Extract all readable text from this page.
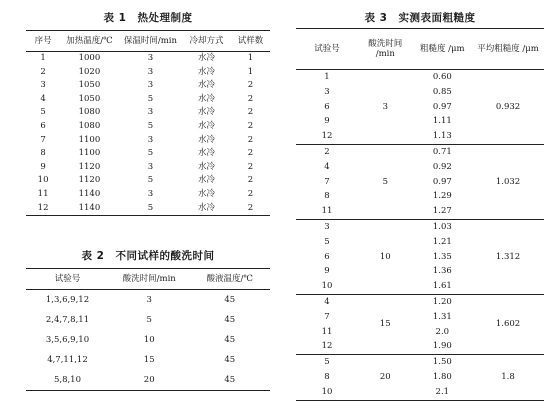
表 1　热处理制度
序号	加热温度/℃	保温时间/min	冷却方式	试样数
1	1000	3	水冷	1
2	1020	3	水冷	1
3	1050	3	水冷	2
4	1050	5	水冷	2
5	1080	3	水冷	2
6	1080	5	水冷	2
7	1100	3	水冷	2
8	1100	5	水冷	2
9	1120	3	水冷	2
10	1120	5	水冷	2
11	1140	3	水冷	2
12	1140	5	水冷	2
表 2　不同试样的酸洗时间
试验号	酸洗时间/min	酸液温度/℃
1,3,6,9,12	3	45
2,4,7,8,11	5	45
3,5,6,9,10	10	45
4,7,11,12	15	45
5,8,10	20	45
表 3　实测表面粗糙度
试验号	酸洗时间 /min	粗糙度 /μm	平均粗糙度 /μm
1	3	0.60	0.932
3		0.85	
6		0.97	
9		1.11	
12		1.13	
2	5	0.71	1.032
4		0.92	
7		0.97	
8		1.29	
11		1.27	
3	10	1.03	1.312
5		1.21	
6		1.35	
9		1.36	
10		1.61	
4	15	1.20	1.602
7		1.31	
11		2.0	
12		1.90	
5	20	1.50	1.8
8		1.80	
10		2.1	
